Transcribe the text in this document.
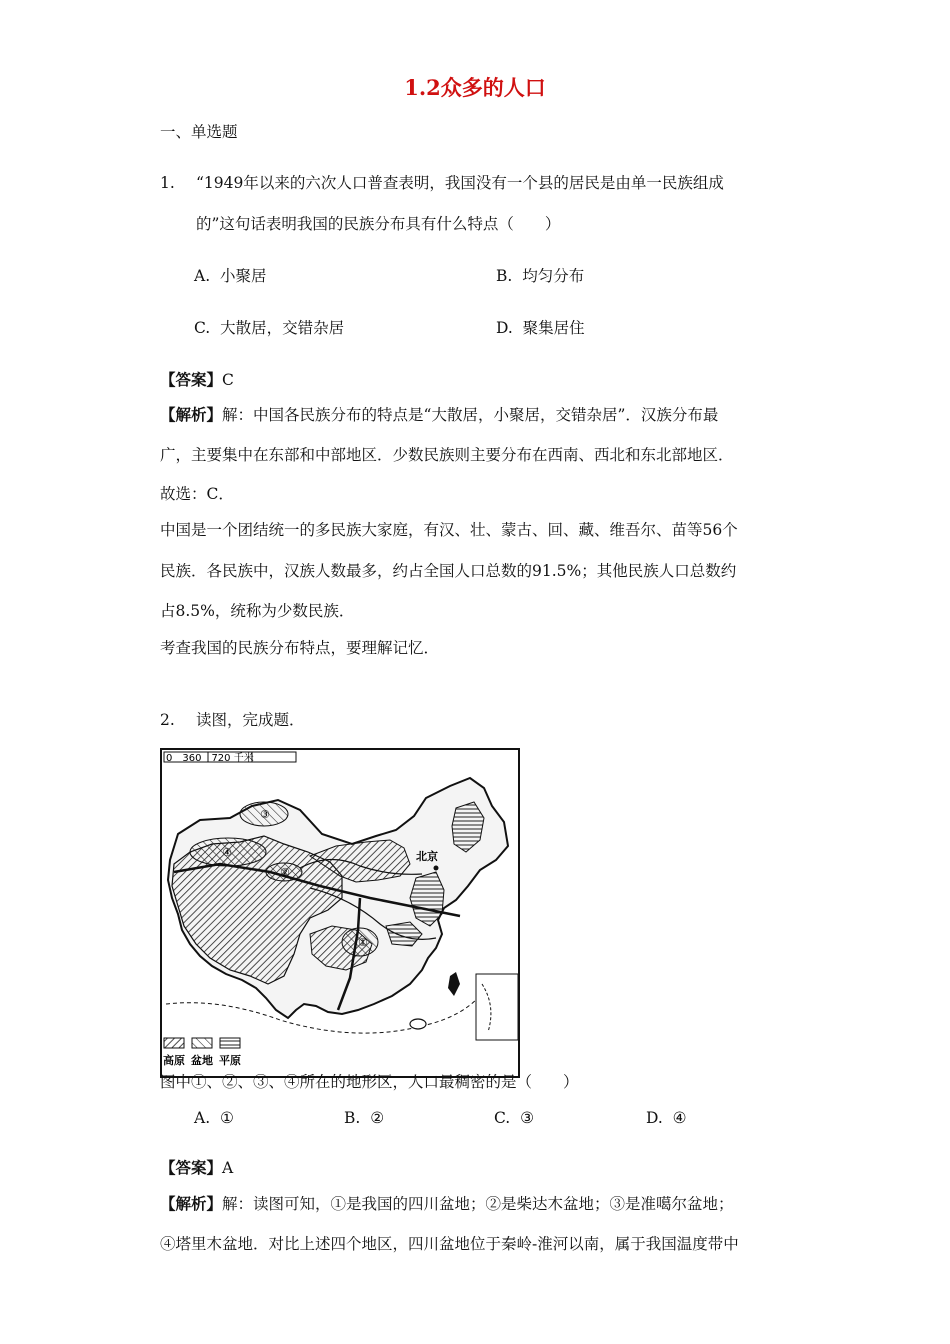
1.2众多的人口
一、单选题
1. “1949年以来的六次人口普查表明，我国没有一个县的居民是由单一民族组成
的”这句话表明我国的民族分布具有什么特点（　　）
A. 小聚居	B. 均匀分布
C. 大散居，交错杂居	D. 聚集居住
【答案】C
【解析】解：中国各民族分布的特点是“大散居，小聚居，交错杂居”．汉族分布最
广，主要集中在东部和中部地区．少数民族则主要分布在西南、西北和东北部地区．
故选：C．
中国是一个团结统一的多民族大家庭，有汉、壮、蒙古、回、藏、维吾尔、苗等56个
民族．各民族中，汉族人数最多，约占全国人口总数的91.5%；其他民族人口总数约
占8.5%，统称为少数民族．
考查我国的民族分布特点，要理解记忆．
2. 读图，完成题．
0　360　720 千米
①
②
③
④	北京
高原 盆地 平原
图中①、②、③、④所在的地形区，人口最稠密的是（　　）
A. ①	B. ②	C. ③	D. ④
【答案】A
【解析】解：读图可知，①是我国的四川盆地；②是柴达木盆地；③是准噶尔盆地；
④塔里木盆地．对比上述四个地区，四川盆地位于秦岭-淮河以南，属于我国温度带中
